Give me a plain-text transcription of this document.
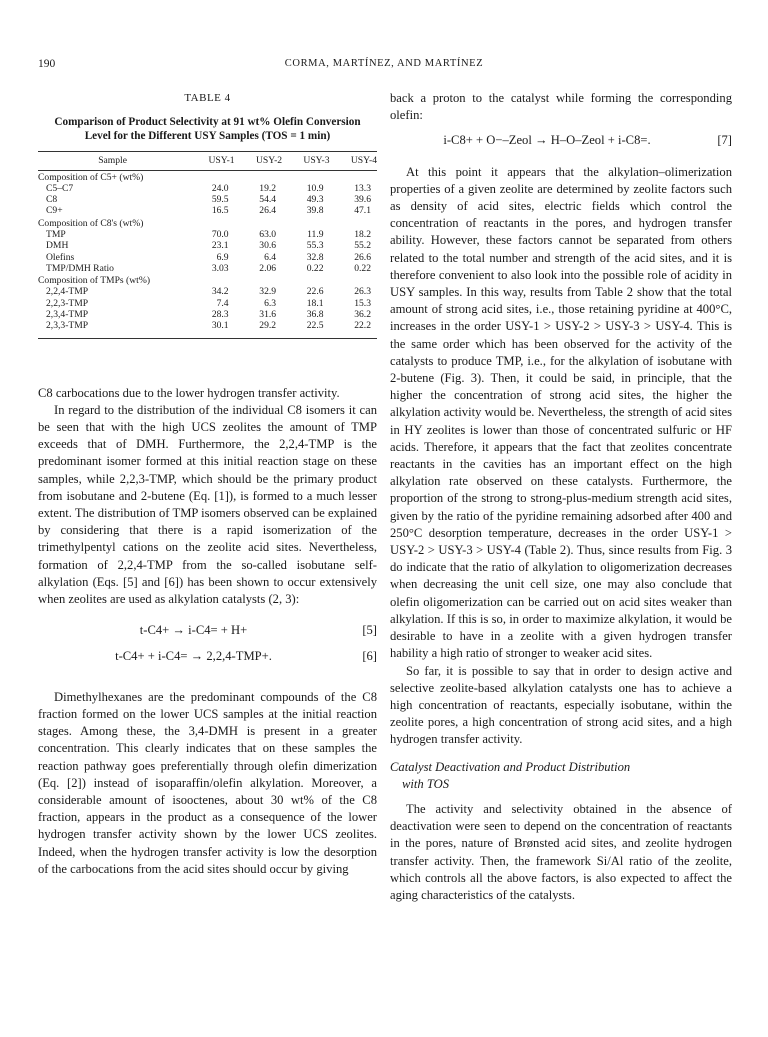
190	CORMA, MARTÍNEZ, AND MARTÍNEZ
TABLE 4
Comparison of Product Selectivity at 91 wt% Olefin Conversion
Level for the Different USY Samples (TOS = 1 min)
Sample	USY-1	USY-2	USY-3	USY-4
Composition of C5+ (wt%)				
C5–C7	24.0	19.2	10.9	13.3
C8	59.5	54.4	49.3	39.6
C9+	16.5	26.4	39.8	47.1
Composition of C8's (wt%)				
TMP	70.0	63.0	11.9	18.2
DMH	23.1	30.6	55.3	55.2
Olefins	6.9	6.4	32.8	26.6
TMP/DMH Ratio	3.03	2.06	0.22	0.22
Composition of TMPs (wt%)				
2,2,4-TMP	34.2	32.9	22.6	26.3
2,2,3-TMP	7.4	6.3	18.1	15.3
2,3,4-TMP	28.3	31.6	36.8	36.2
2,3,3-TMP	30.1	29.2	22.5	22.2

C8 carbocations due to the lower hydrogen transfer activity.

In regard to the distribution of the individual C8 isomers it can be seen that with the high UCS zeolites the amount of TMP exceeds that of DMH. Furthermore, the 2,2,4-TMP is the predominant isomer formed at this initial reaction stage on these samples, while 2,2,3-TMP, which should be the primary product from isobutane and 2-butene (Eq. [1]), is formed to a much lesser extent. The distribution of TMP isomers observed can be explained by considering that there is a rapid isomerization of the trimethylpentyl cations on the zeolite acid sites. Nevertheless, formation of 2,2,4-TMP from the so-called isobutane self-alkylation (Eqs. [5] and [6]) has been shown to occur extensively when zeolites are used as alkylation catalysts (2, 3):

t-C4+ → i-C4= + H+	[5]
t-C4+ + i-C4= → 2,2,4-TMP+.	[6]

Dimethylhexanes are the predominant compounds of the C8 fraction formed on the lower UCS samples at the initial reaction stages. Among these, the 3,4-DMH is present in a greater concentration. This clearly indicates that on these samples the reaction pathway goes preferentially through olefin dimerization (Eq. [2]) instead of isoparaffin/olefin alkylation. Moreover, a considerable amount of isooctenes, about 30 wt% of the C8 fraction, appears in the product as a consequence of the lower hydrogen transfer activity shown by the lower UCS zeolites. Indeed, when the hydrogen transfer activity is low the desorption of the carbocations from the acid sites should occur by giving

back a proton to the catalyst while forming the corresponding olefin:

i-C8+ + O−–Zeol → H–O–Zeol + i-C8=.	[7]

At this point it appears that the alkylation–olimerization properties of a given zeolite are determined by zeolite factors such as density of acid sites, electric fields which control the concentration of reactants in the pores, and hydrogen transfer ability. However, these factors cannot be separated from others related to the total number and strength of the acid sites, and it is therefore convenient to also look into the possible role of acidity in USY samples. In this way, results from Table 2 show that the total amount of strong acid sites, i.e., those retaining pyridine at 400°C, increases in the order USY-1 > USY-2 > USY-3 > USY-4. This is the same order which has been observed for the activity of the catalysts to produce TMP, i.e., for the alkylation of isobutane with 2-butene (Fig. 3). Then, it could be said, in principle, that the higher the concentration of strong acid sites, the higher the alkylation activity would be. Nevertheless, the strength of acid sites in HY zeolites is lower than those of concentrated sulfuric or HF acids. Therefore, it appears that the fact that zeolites concentrate reactants in the cavities has an important effect on the high alkylation rate observed on these catalysts. Furthermore, the proportion of the strong to strong-plus-medium strength acid sites, given by the ratio of the pyridine remaining adsorbed after 400 and 250°C desorption temperature, decreases in the order USY-1 > USY-2 > USY-3 > USY-4 (Table 2). Thus, since results from Fig. 3 do indicate that the ratio of alkylation to oligomerization decreases when decreasing the unit cell size, one may also conclude that olefin oligomerization can be carried out on acid sites weaker than alkylation. If this is so, in order to maximize alkylation, it would be desirable to have in a zeolite with a given hydrogen transfer hability a high ratio of stronger to weaker acid sites.

So far, it is possible to say that in order to design active and selective zeolite-based alkylation catalysts one has to achieve a high concentration of reactants, especially isobutane, within the zeolite pores, a high concentration of strong acid sites, and a high hydrogen transfer activity.

Catalyst Deactivation and Product Distribution
with TOS

The activity and selectivity obtained in the absence of deactivation were seen to depend on the concentration of reactants in the pores, nature of Brønsted acid sites, and zeolite hydrogen transfer activity. Then, the framework Si/Al ratio of the zeolite, which controls all the above factors, is also expected to affect the aging characteristics of the catalysts.
